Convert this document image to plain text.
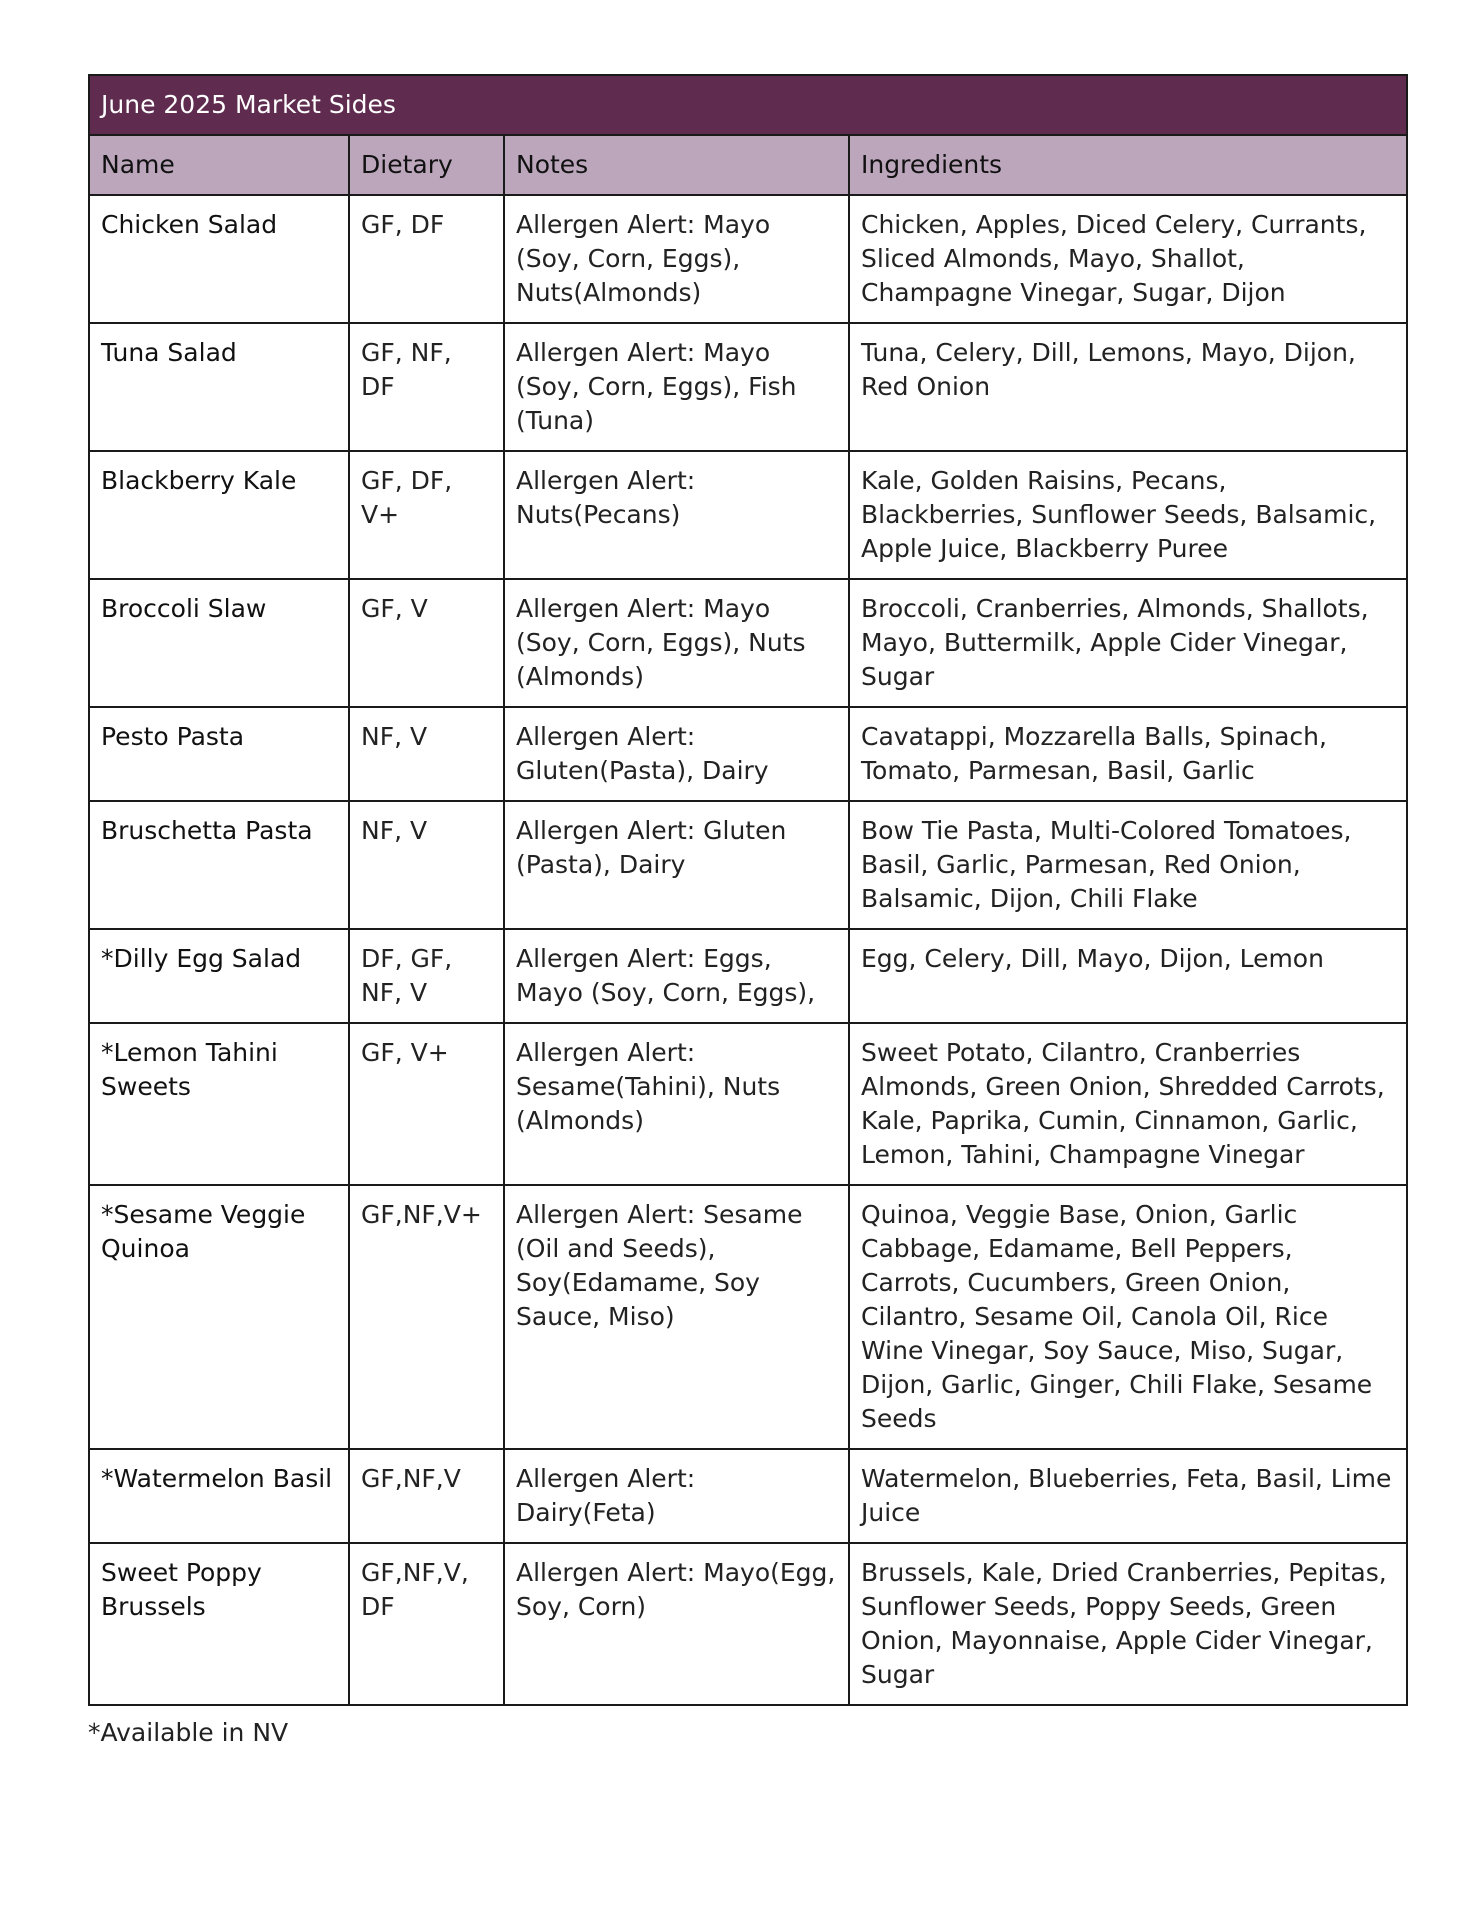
June 2025 Market Sides			
Name	Dietary	Notes	Ingredients
Chicken Salad	GF, DF	Allergen Alert: Mayo (Soy, Corn, Eggs), Nuts(Almonds)	Chicken, Apples, Diced Celery, Currants, Sliced Almonds, Mayo, Shallot, Champagne Vinegar, Sugar, Dijon
Tuna Salad	GF, NF, DF	Allergen Alert: Mayo (Soy, Corn, Eggs), Fish (Tuna)	Tuna, Celery, Dill, Lemons, Mayo, Dijon, Red Onion
Blackberry Kale	GF, DF, V+	Allergen Alert: Nuts(Pecans)	Kale, Golden Raisins, Pecans, Blackberries, Sunflower Seeds, Balsamic, Apple Juice, Blackberry Puree
Broccoli Slaw	GF, V	Allergen Alert: Mayo (Soy, Corn, Eggs), Nuts (Almonds)	Broccoli, Cranberries, Almonds, Shallots, Mayo, Buttermilk, Apple Cider Vinegar, Sugar
Pesto Pasta	NF, V	Allergen Alert: Gluten(Pasta), Dairy	Cavatappi, Mozzarella Balls, Spinach, Tomato, Parmesan, Basil, Garlic
Bruschetta Pasta	NF, V	Allergen Alert: Gluten (Pasta), Dairy	Bow Tie Pasta, Multi-Colored Tomatoes, Basil, Garlic, Parmesan, Red Onion, Balsamic, Dijon, Chili Flake
*Dilly Egg Salad	DF, GF, NF, V	Allergen Alert: Eggs, Mayo (Soy, Corn, Eggs),	Egg, Celery, Dill, Mayo, Dijon, Lemon
*Lemon Tahini Sweets	GF, V+	Allergen Alert: Sesame(Tahini), Nuts (Almonds)	Sweet Potato, Cilantro, Cranberries Almonds, Green Onion, Shredded Carrots, Kale, Paprika, Cumin, Cinnamon, Garlic, Lemon, Tahini, Champagne Vinegar
*Sesame Veggie Quinoa	GF,NF,V+	Allergen Alert: Sesame (Oil and Seeds), Soy(Edamame, Soy Sauce, Miso)	Quinoa, Veggie Base, Onion, Garlic Cabbage, Edamame, Bell Peppers, Carrots, Cucumbers, Green Onion, Cilantro, Sesame Oil, Canola Oil, Rice Wine Vinegar, Soy Sauce, Miso, Sugar, Dijon, Garlic, Ginger, Chili Flake, Sesame Seeds
*Watermelon Basil	GF,NF,V	Allergen Alert: Dairy(Feta)	Watermelon, Blueberries, Feta, Basil, Lime Juice
Sweet Poppy Brussels	GF,NF,V, DF	Allergen Alert: Mayo(Egg, Soy, Corn)	Brussels, Kale, Dried Cranberries, Pepitas, Sunflower Seeds, Poppy Seeds, Green Onion, Mayonnaise, Apple Cider Vinegar, Sugar
*Available in NV
